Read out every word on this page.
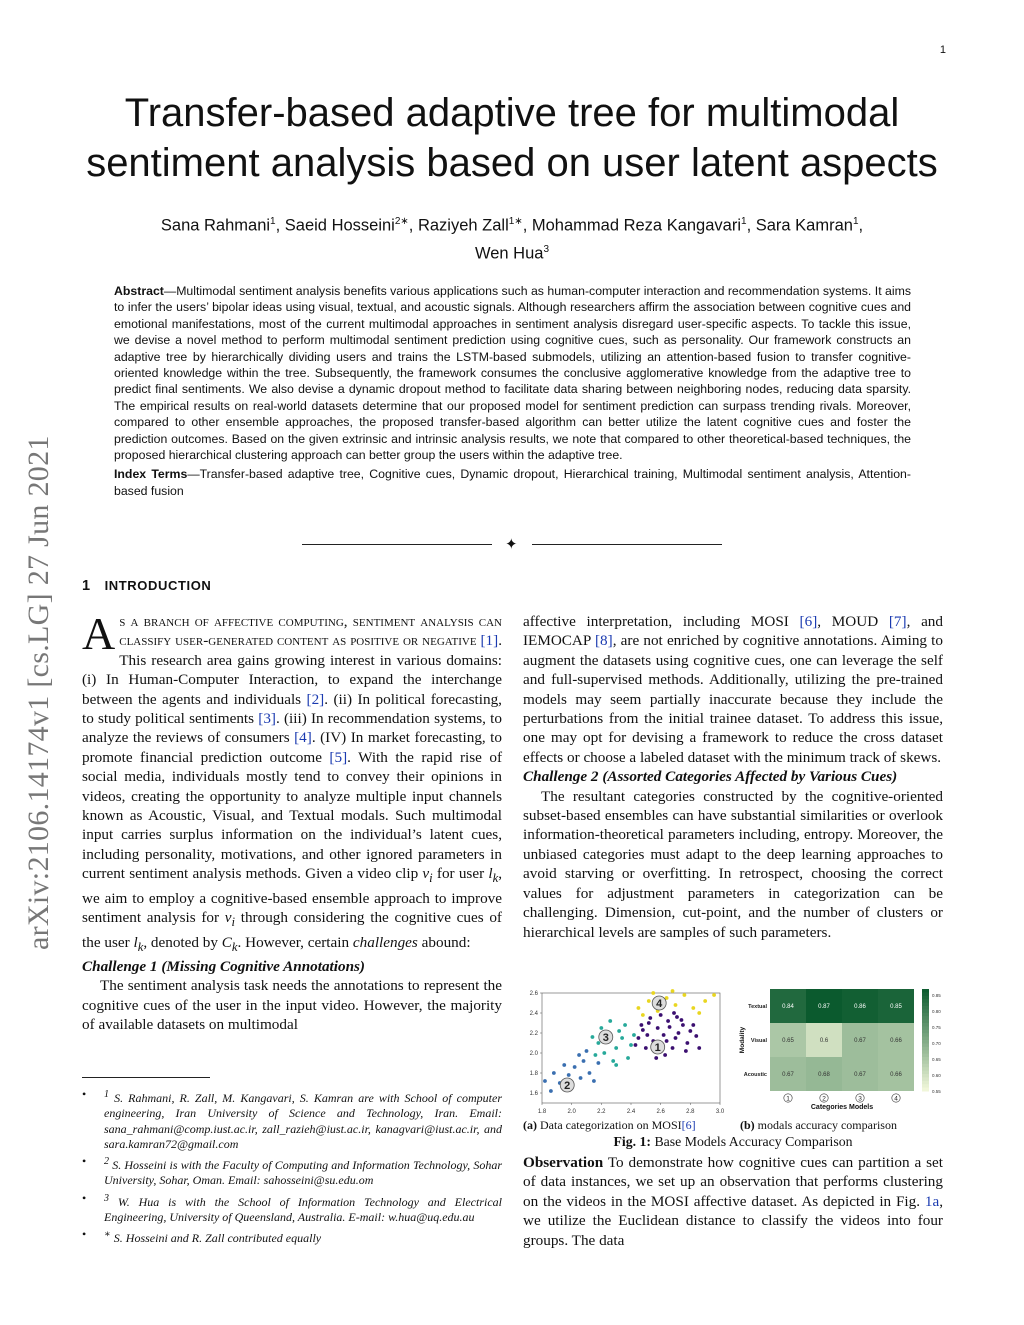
1
arXiv:2106.14174v1 [cs.LG] 27 Jun 2021
Transfer-based adaptive tree for multimodal sentiment analysis based on user latent aspects
Sana Rahmani$^1$, Saeid Hosseini$^{2∗}$, Raziyeh Zall$^{1∗}$, Mohammad Reza Kangavari$^1$, Sara Kamran$^1$,
Wen Hua$^3$

Abstract—Multimodal sentiment analysis benefits various applications such as human-computer interaction and recommendation systems. It aims to infer the users’ bipolar ideas using visual, textual, and acoustic signals. Although researchers affirm the association between cognitive cues and emotional manifestations, most of the current multimodal approaches in sentiment analysis disregard user-specific aspects. To tackle this issue, we devise a novel method to perform multimodal sentiment prediction using cognitive cues, such as personality. Our framework constructs an adaptive tree by hierarchically dividing users and trains the LSTM-based submodels, utilizing an attention-based fusion to transfer cognitive-oriented knowledge within the tree. Subsequently, the framework consumes the conclusive agglomerative knowledge from the adaptive tree to predict final sentiments. We also devise a dynamic dropout method to facilitate data sharing between neighboring nodes, reducing data sparsity. The empirical results on real-world datasets determine that our proposed model for sentiment prediction can surpass trending rivals. Moreover, compared to other ensemble approaches, the proposed transfer-based algorithm can better utilize the latent cognitive cues and foster the prediction outcomes. Based on the given extrinsic and intrinsic analysis results, we note that compared to other theoretical-based techniques, the proposed hierarchical clustering approach can better group the users within the adaptive tree.

Index Terms—Transfer-based adaptive tree, Cognitive cues, Dynamic dropout, Hierarchical training, Multimodal sentiment analysis, Attention-based fusion

✦
1 INTRODUCTION

As a branch of affective computing, sentiment analysis can classify user-generated content as positive or negative [1]. This research area gains growing interest in various domains: (i) In Human-Computer Interaction, to expand the interchange between the agents and individuals [2]. (ii) In political forecasting, to study political sentiments [3]. (iii) In recommendation systems, to analyze the reviews of consumers [4]. (IV) In market forecasting, to promote financial prediction outcome [5]. With the rapid rise of social media, individuals mostly tend to convey their opinions in videos, creating the opportunity to analyze multiple input channels known as Acoustic, Visual, and Textual modals. Such multimodal input carries surplus information on the individual’s latent cues, including personality, motivations, and other ignored parameters in current sentiment analysis methods. Given a video clip $v_i$ for user $l_k$, we aim to employ a cognitive-based ensemble approach to improve sentiment analysis for $v_i$ through considering the cognitive cues of the user $l_k$, denoted by $C_k$. However, certain challenges abound:

Challenge 1 (Missing Cognitive Annotations)

The sentiment analysis task needs the annotations to represent the cognitive cues of the user in the input video. However, the majority of available datasets on multimodal

affective interpretation, including MOSI [6], MOUD [7], and IEMOCAP [8], are not enriched by cognitive annotations. Aiming to augment the datasets using cognitive cues, one can leverage the self and full-supervised methods. Additionally, utilizing the pre-trained models may seem partially inaccurate because they include the perturbations from the initial trainee dataset. To address this issue, one may opt for devising a framework to reduce the cross dataset effects or choose a labeled dataset with the minimum track of skews.

Challenge 2 (Assorted Categories Affected by Various Cues)

The resultant categories constructed by the cognitive-oriented subset-based ensembles can have substantial similarities or overlook information-theoretical parameters including, entropy. Moreover, the unbiased categories must adapt to the deep learning approaches to avoid starving or overfitting. In retrospect, choosing the correct values for adjustment parameters in categorization can be challenging. Dimension, cut-point, and the number of clusters or hierarchical levels are samples of such parameters.

• $^1$ S. Rahmani, R. Zall, M. Kangavari, S. Kamran are with School of computer engineering, Iran University of Science and Technology, Iran. Email: sana_rahmani@comp.iust.ac.ir, zall_razieh@iust.ac.ir, kanagvari@iust.ac.ir, and sara.kamran72@gmail.com

• $^2$ S. Hosseini is with the Faculty of Computing and Information Technology, Sohar University, Sohar, Oman. Email: sahosseini@su.edu.om

• $^3$ W. Hua is with the School of Information Technology and Electrical Engineering, University of Queensland, Australia. E-mail: w.hua@uq.edu.au

• ∗ S. Hosseini and R. Zall contributed equally

1.8	2.0	2.2	2.4	2.6	2.8	3.0
1.6
1.8
2.0
2.2
2.4
2.6
1
2
3
4	Textual	0.84	0.87	0.86	0.85
Visual	0.65	0.6	0.67	0.66
Acoustic	0.67	0.68	0.67	0.66
1	2	3	4
Categories Models
Modality
0.85
0.80
0.75
0.70
0.65
0.60
0.55
(a) Data categorization on MOSI[6]	(b) modals accuracy comparison
Fig. 1: Base Models Accuracy Comparison

Observation To demonstrate how cognitive cues can partition a set of data instances, we set up an observation that performs clustering on the videos in the MOSI affective dataset. As depicted in Fig. 1a, we utilize the Euclidean distance to classify the videos into four groups. The data
